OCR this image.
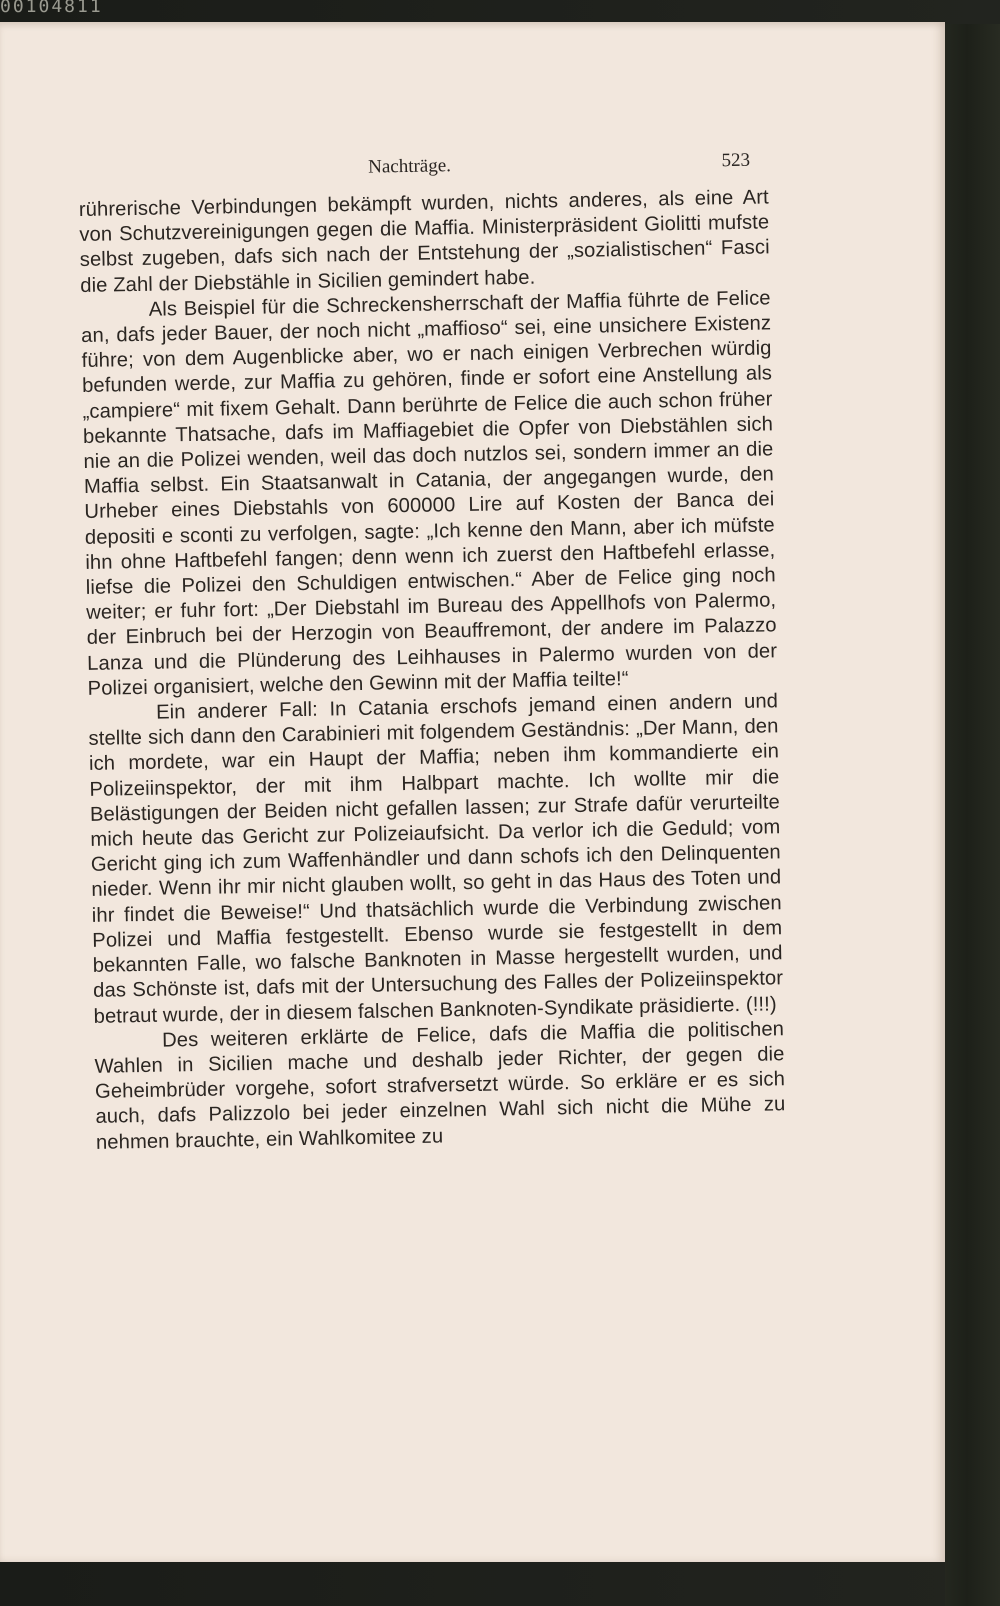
00104811
Nachträge.	523

rührerische Verbindungen bekämpft wurden, nichts anderes, als eine Art von Schutzvereinigungen gegen die Maffia. Ministerpräsident Giolitti mufste selbst zugeben, dafs sich nach der Entstehung der „sozialistischen“ Fasci die Zahl der Diebstähle in Sicilien gemindert habe.

Als Beispiel für die Schreckensherrschaft der Maffia führte de Felice an, dafs jeder Bauer, der noch nicht „maffioso“ sei, eine unsichere Existenz führe; von dem Augenblicke aber, wo er nach einigen Verbrechen würdig befunden werde, zur Maffia zu gehören, finde er sofort eine Anstellung als „campiere“ mit fixem Gehalt. Dann berührte de Felice die auch schon früher bekannte Thatsache, dafs im Maffiagebiet die Opfer von Diebstählen sich nie an die Polizei wenden, weil das doch nutzlos sei, sondern immer an die Maffia selbst. Ein Staatsanwalt in Catania, der angegangen wurde, den Urheber eines Diebstahls von 600000 Lire auf Kosten der Banca dei depositi e sconti zu verfolgen, sagte: „Ich kenne den Mann, aber ich müfste ihn ohne Haftbefehl fangen; denn wenn ich zuerst den Haftbefehl erlasse, liefse die Polizei den Schuldigen entwischen.“ Aber de Felice ging noch weiter; er fuhr fort: „Der Diebstahl im Bureau des Appellhofs von Palermo, der Einbruch bei der Herzogin von Beauffremont, der andere im Palazzo Lanza und die Plünderung des Leihhauses in Palermo wurden von der Polizei organisiert, welche den Gewinn mit der Maffia teilte!“

Ein anderer Fall: In Catania erschofs jemand einen andern und stellte sich dann den Carabinieri mit folgendem Geständnis: „Der Mann, den ich mordete, war ein Haupt der Maffia; neben ihm kommandierte ein Polizeiinspektor, der mit ihm Halbpart machte. Ich wollte mir die Belästigungen der Beiden nicht gefallen lassen; zur Strafe dafür verurteilte mich heute das Gericht zur Polizeiaufsicht. Da verlor ich die Geduld; vom Gericht ging ich zum Waffenhändler und dann schofs ich den Delinquenten nieder. Wenn ihr mir nicht glauben wollt, so geht in das Haus des Toten und ihr findet die Beweise!“ Und thatsächlich wurde die Verbindung zwischen Polizei und Maffia festgestellt. Ebenso wurde sie festgestellt in dem bekannten Falle, wo falsche Banknoten in Masse hergestellt wurden, und das Schönste ist, dafs mit der Untersuchung des Falles der Polizeiinspektor betraut wurde, der in diesem falschen Banknoten-Syndikate präsidierte. (!!!)

Des weiteren erklärte de Felice, dafs die Maffia die politischen Wahlen in Sicilien mache und deshalb jeder Richter, der gegen die Geheimbrüder vorgehe, sofort strafversetzt würde. So erkläre er es sich auch, dafs Palizzolo bei jeder einzelnen Wahl sich nicht die Mühe zu nehmen brauchte, ein Wahlkomitee zu
